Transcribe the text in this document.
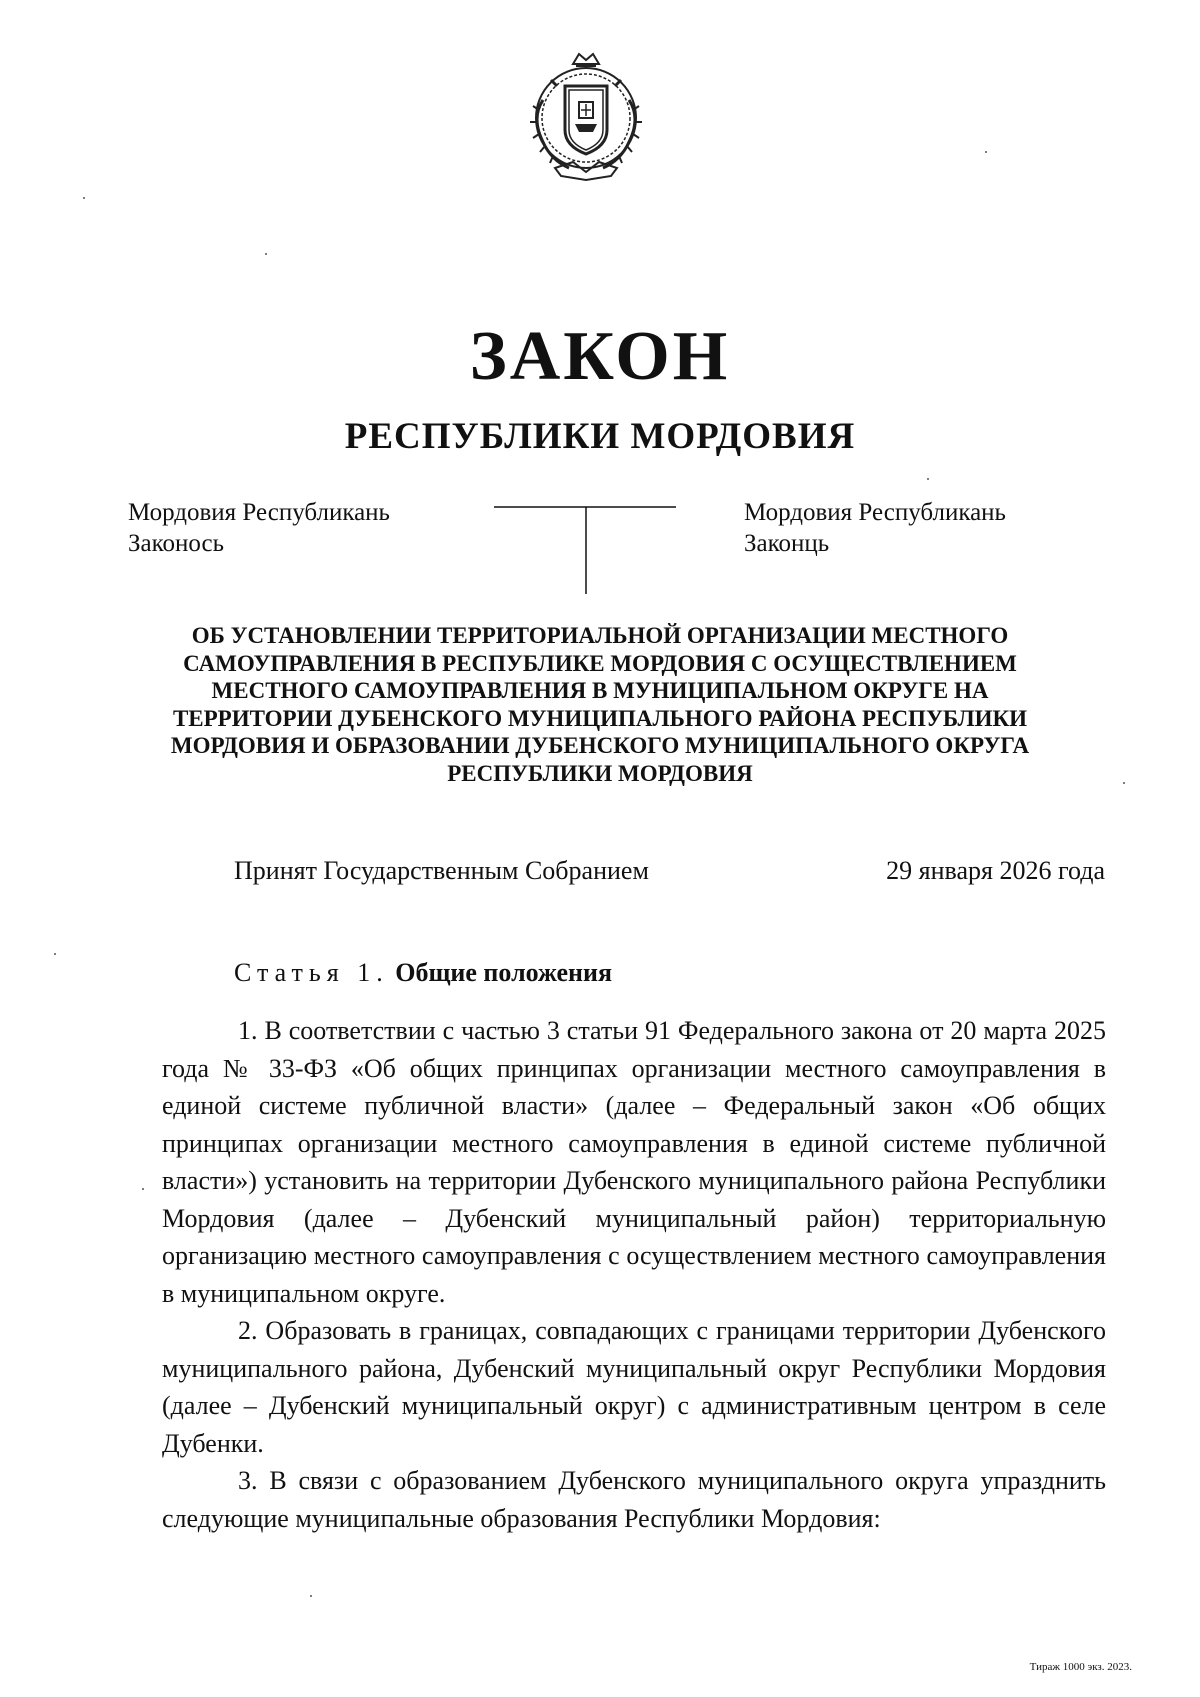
ЗАКОН
РЕСПУБЛИКИ МОРДОВИЯ
Мордовия Республикань
Законось
Мордовия Республикань
Законць
ОБ УСТАНОВЛЕНИИ ТЕРРИТОРИАЛЬНОЙ ОРГАНИЗАЦИИ МЕСТНОГО
САМОУПРАВЛЕНИЯ В РЕСПУБЛИКЕ МОРДОВИЯ С ОСУЩЕСТВЛЕНИЕМ
МЕСТНОГО САМОУПРАВЛЕНИЯ В МУНИЦИПАЛЬНОМ ОКРУГЕ НА
ТЕРРИТОРИИ ДУБЕНСКОГО МУНИЦИПАЛЬНОГО РАЙОНА РЕСПУБЛИКИ
МОРДОВИЯ И ОБРАЗОВАНИИ ДУБЕНСКОГО МУНИЦИПАЛЬНОГО ОКРУГА
РЕСПУБЛИКИ МОРДОВИЯ
Принят Государственным Собранием	29 января 2026 года
Статья 1. Общие положения

1. В соответствии с частью 3 статьи 91 Федерального закона от 20 марта 2025 года № 33-ФЗ «Об общих принципах организации местного самоуправления в единой системе публичной власти» (далее – Федеральный закон «Об общих принципах организации местного самоуправления в единой системе публичной власти») установить на территории Дубенского муниципального района Республики Мордовия (далее – Дубенский муниципальный район) территориальную организацию местного самоуправления с осуществлением местного самоуправления в муниципальном округе.

2. Образовать в границах, совпадающих с границами территории Дубенского муниципального района, Дубенский муниципальный округ Республики Мордовия (далее – Дубенский муниципальный округ) с административным центром в селе Дубенки.

3. В связи с образованием Дубенского муниципального округа упразднить следующие муниципальные образования Республики Мордовия:

Тираж 1000 экз. 2023.
